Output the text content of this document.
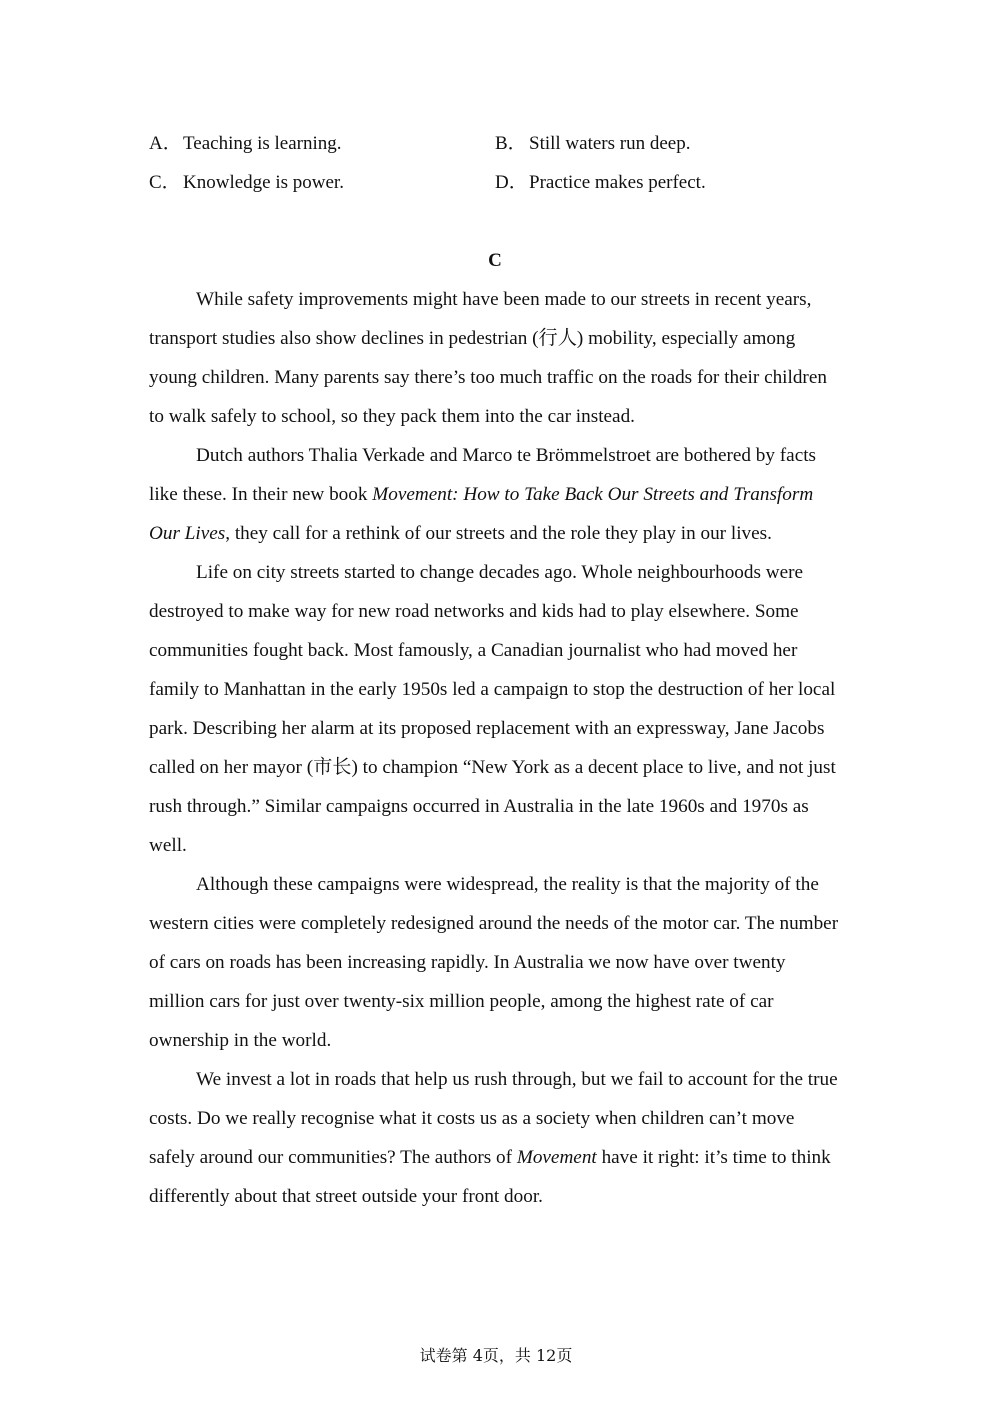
A．Teaching is learning.	B． Still waters run deep.
C． Knowledge is power.	D．Practice makes perfect.
C

While safety improvements might have been made to our streets in recent years, transport studies also show declines in pedestrian (行人) mobility, especially among young children. Many parents say there’s too much traffic on the roads for their children to walk safely to school, so they pack them into the car instead.

Dutch authors Thalia Verkade and Marco te Brömmelstroet are bothered by facts like these. In their new book Movement: How to Take Back Our Streets and Transform Our Lives, they call for a rethink of our streets and the role they play in our lives.

Life on city streets started to change decades ago. Whole neighbourhoods were destroyed to make way for new road networks and kids had to play elsewhere. Some communities fought back. Most famously, a Canadian journalist who had moved her family to Manhattan in the early 1950s led a campaign to stop the destruction of her local park. Describing her alarm at its proposed replacement with an expressway, Jane Jacobs called on her mayor (市长) to champion “New York as a decent place to live, and not just rush through.” Similar campaigns occurred in Australia in the late 1960s and 1970s as well.

Although these campaigns were widespread, the reality is that the majority of the western cities were completely redesigned around the needs of the motor car. The number of cars on roads has been increasing rapidly. In Australia we now have over twenty million cars for just over twenty-six million people, among the highest rate of car ownership in the world.

We invest a lot in roads that help us rush through, but we fail to account for the true costs. Do we really recognise what it costs us as a society when children can’t move safely around our communities? The authors of Movement have it right: it’s time to think differently about that street outside your front door.

试卷第 4页，共 12页
